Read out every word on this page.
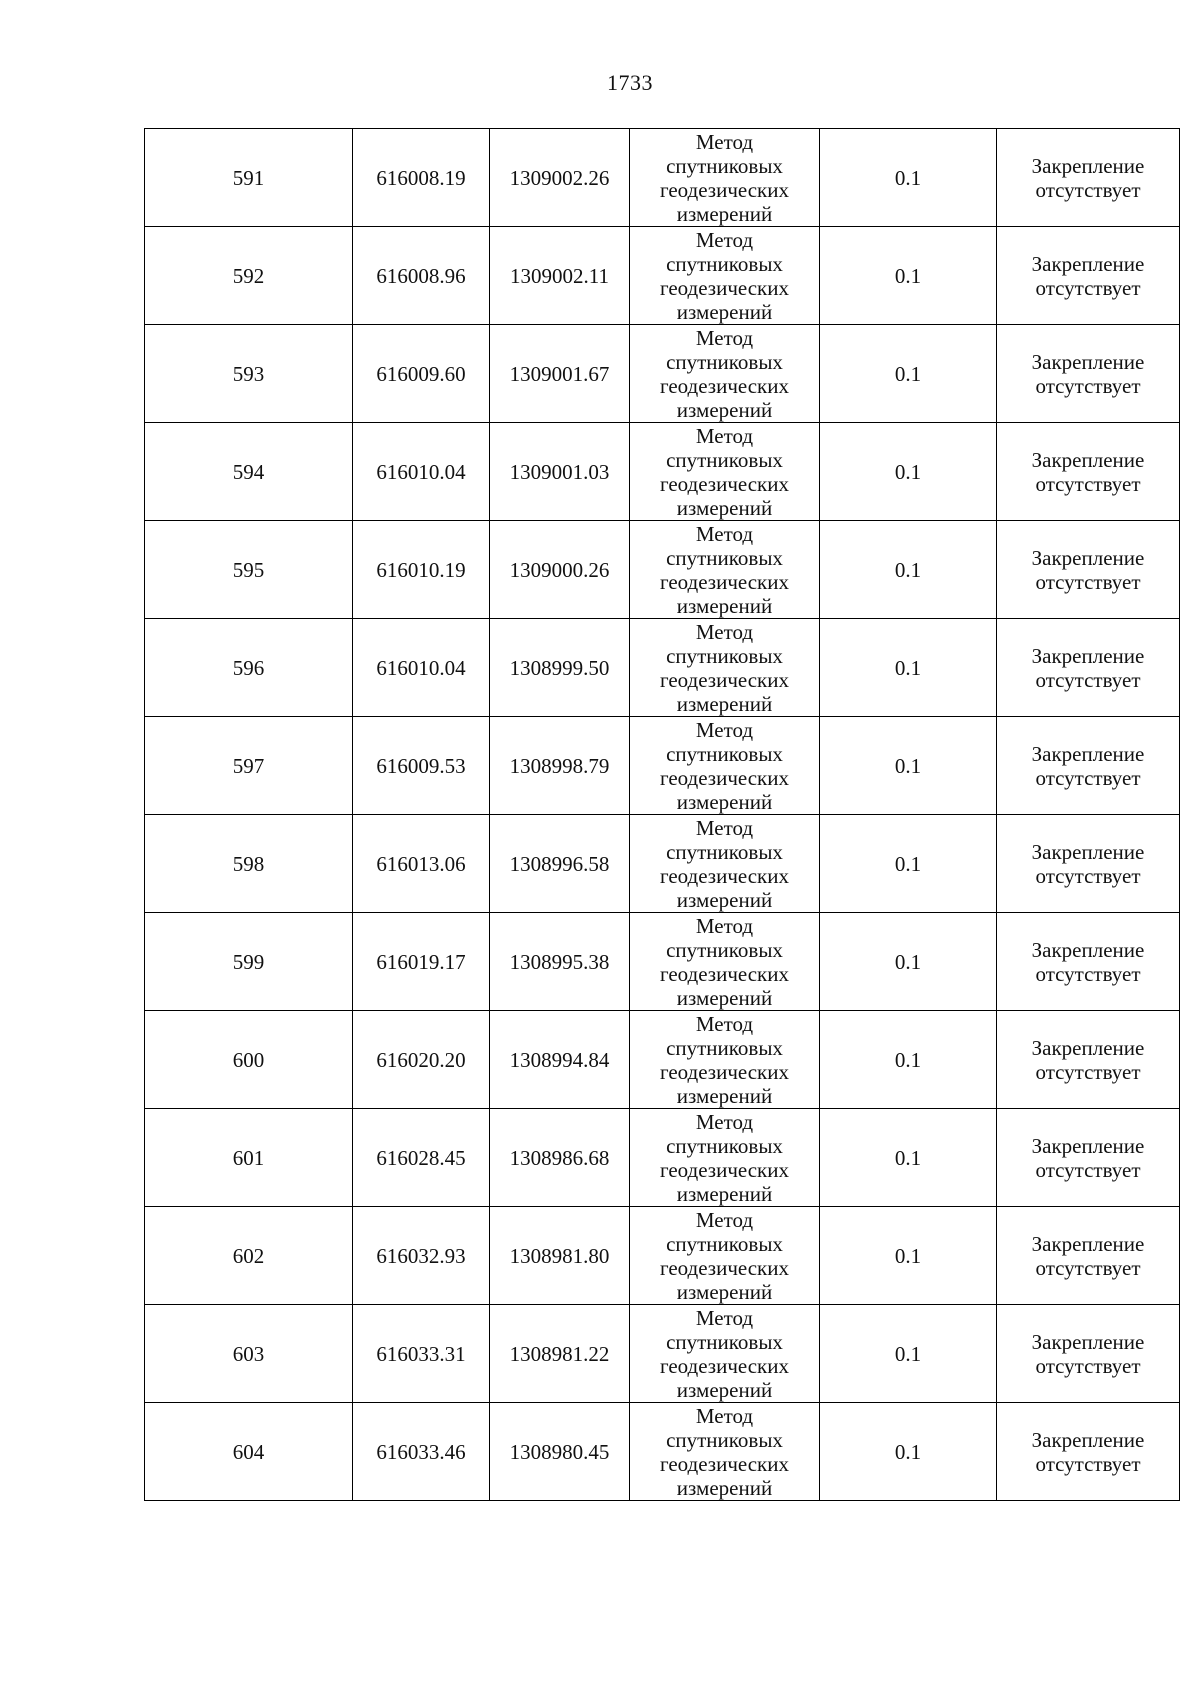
1733
591	616008.19	1309002.26	Метод
спутниковых
геодезических
измерений	0.1	Закрепление
отсутствует

592	616008.96	1309002.11	Метод
спутниковых
геодезических
измерений	0.1	Закрепление
отсутствует

593	616009.60	1309001.67	Метод
спутниковых
геодезических
измерений	0.1	Закрепление
отсутствует

594	616010.04	1309001.03	Метод
спутниковых
геодезических
измерений	0.1	Закрепление
отсутствует

595	616010.19	1309000.26	Метод
спутниковых
геодезических
измерений	0.1	Закрепление
отсутствует

596	616010.04	1308999.50	Метод
спутниковых
геодезических
измерений	0.1	Закрепление
отсутствует

597	616009.53	1308998.79	Метод
спутниковых
геодезических
измерений	0.1	Закрепление
отсутствует

598	616013.06	1308996.58	Метод
спутниковых
геодезических
измерений	0.1	Закрепление
отсутствует

599	616019.17	1308995.38	Метод
спутниковых
геодезических
измерений	0.1	Закрепление
отсутствует

600	616020.20	1308994.84	Метод
спутниковых
геодезических
измерений	0.1	Закрепление
отсутствует

601	616028.45	1308986.68	Метод
спутниковых
геодезических
измерений	0.1	Закрепление
отсутствует

602	616032.93	1308981.80	Метод
спутниковых
геодезических
измерений	0.1	Закрепление
отсутствует

603	616033.31	1308981.22	Метод
спутниковых
геодезических
измерений	0.1	Закрепление
отсутствует

604	616033.46	1308980.45	Метод
спутниковых
геодезических
измерений	0.1	Закрепление
отсутствует
